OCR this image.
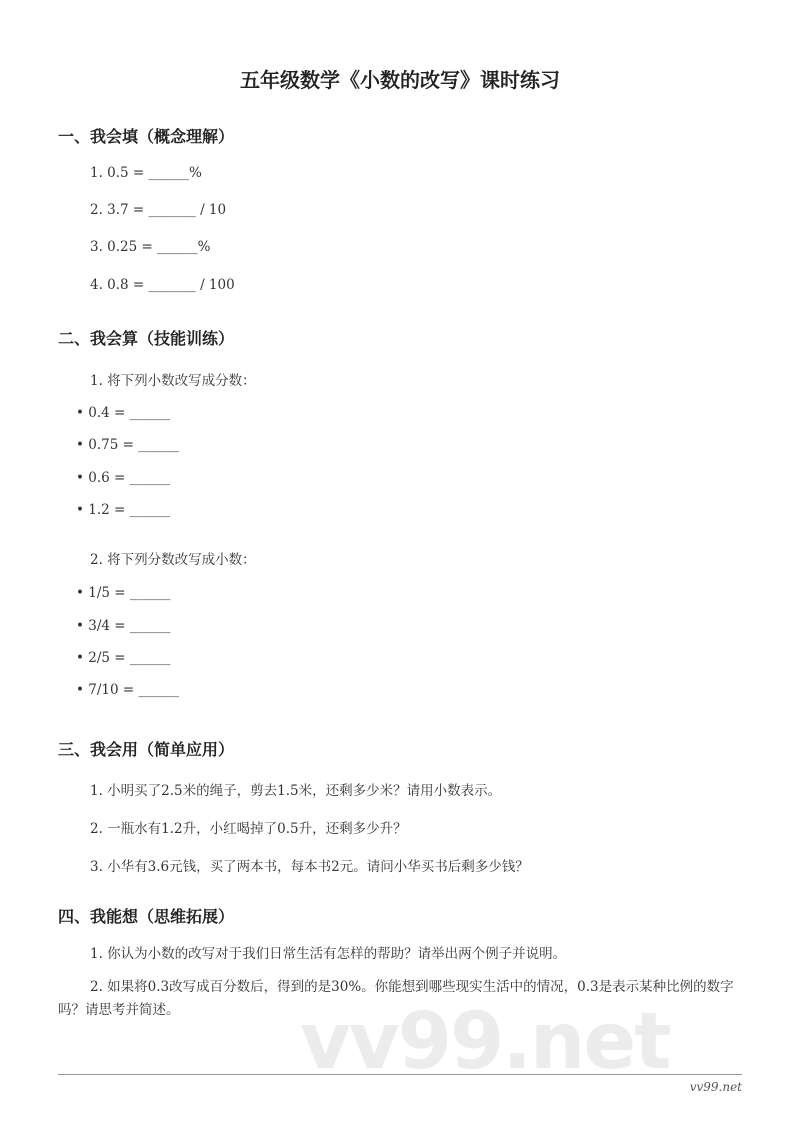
vv99.net
五年级数学《小数的改写》课时练习
一、我会填（概念理解）
1. 0.5 = ______%
2. 3.7 = _______ / 10
3. 0.25 = ______%
4. 0.8 = _______ / 100
二、我会算（技能训练）
1. 将下列小数改写成分数：
• 0.4 = ______
• 0.75 = ______
• 0.6 = ______
• 1.2 = ______
2. 将下列分数改写成小数：
• 1/5 = ______
• 3/4 = ______
• 2/5 = ______
• 7/10 = ______
三、我会用（简单应用）
1. 小明买了2.5米的绳子，剪去1.5米，还剩多少米？请用小数表示。
2. 一瓶水有1.2升，小红喝掉了0.5升，还剩多少升？
3. 小华有3.6元钱，买了两本书，每本书2元。请问小华买书后剩多少钱？
四、我能想（思维拓展）
1. 你认为小数的改写对于我们日常生活有怎样的帮助？请举出两个例子并说明。
2. 如果将0.3改写成百分数后，得到的是30%。你能想到哪些现实生活中的情况，0.3是表示某种比例的数字吗？请思考并简述。
vv99.net
